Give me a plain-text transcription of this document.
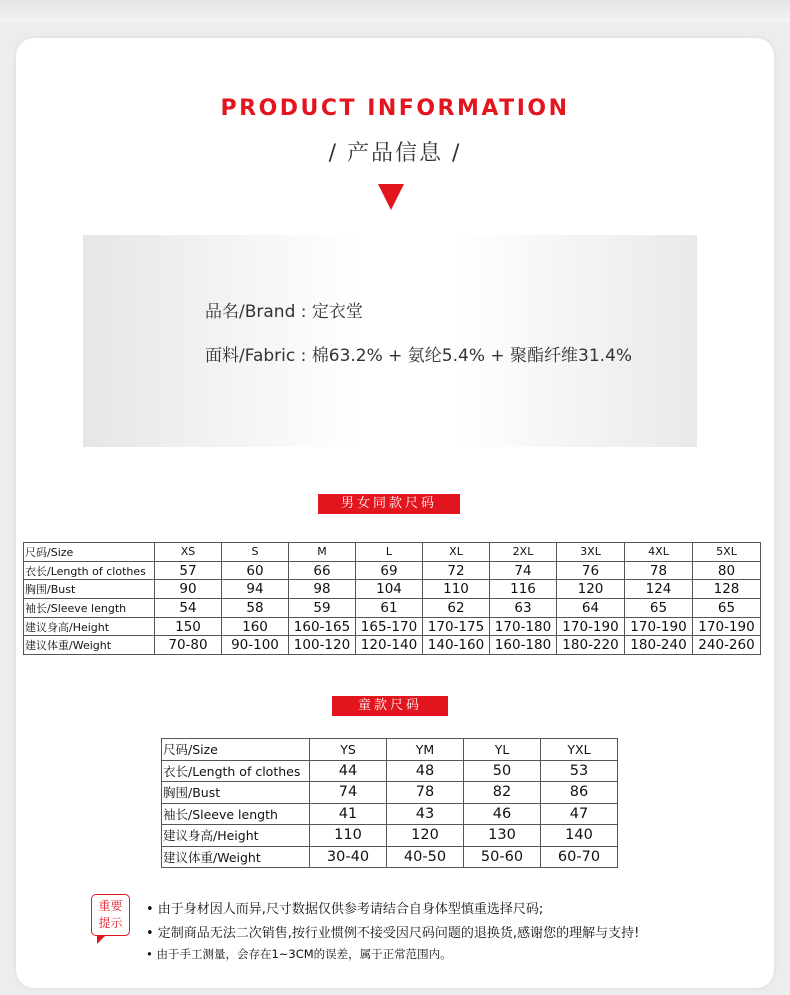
PRODUCT INFORMATION
/ 产品信息 /
品名/Brand : 定衣堂
面料/Fabric : 棉63.2% + 氨纶5.4% + 聚酯纤维31.4%
男女同款尺码
尺码/Size	XS	S	M	L	XL	2XL	3XL	4XL	5XL
衣长/Length of clothes	57	60	66	69	72	74	76	78	80
胸围/Bust	90	94	98	104	110	116	120	124	128
袖长/Sleeve length	54	58	59	61	62	63	64	65	65
建议身高/Height	150	160	160-165	165-170	170-175	170-180	170-190	170-190	170-190
建议体重/Weight	70-80	90-100	100-120	120-140	140-160	160-180	180-220	180-240	240-260
童款尺码
尺码/Size	YS	YM	YL	YXL
衣长/Length of clothes	44	48	50	53
胸围/Bust	74	78	82	86
袖长/Sleeve length	41	43	46	47
建议身高/Height	110	120	130	140
建议体重/Weight	30-40	40-50	50-60	60-70
重要
提示
• 由于身材因人而异,尺寸数据仅供参考请结合自身体型慎重选择尺码;
• 定制商品无法二次销售,按行业惯例不接受因尺码问题的退换货,感谢您的理解与支持!
• 由于手工测量，会存在1~3CM的误差，属于正常范围内。
